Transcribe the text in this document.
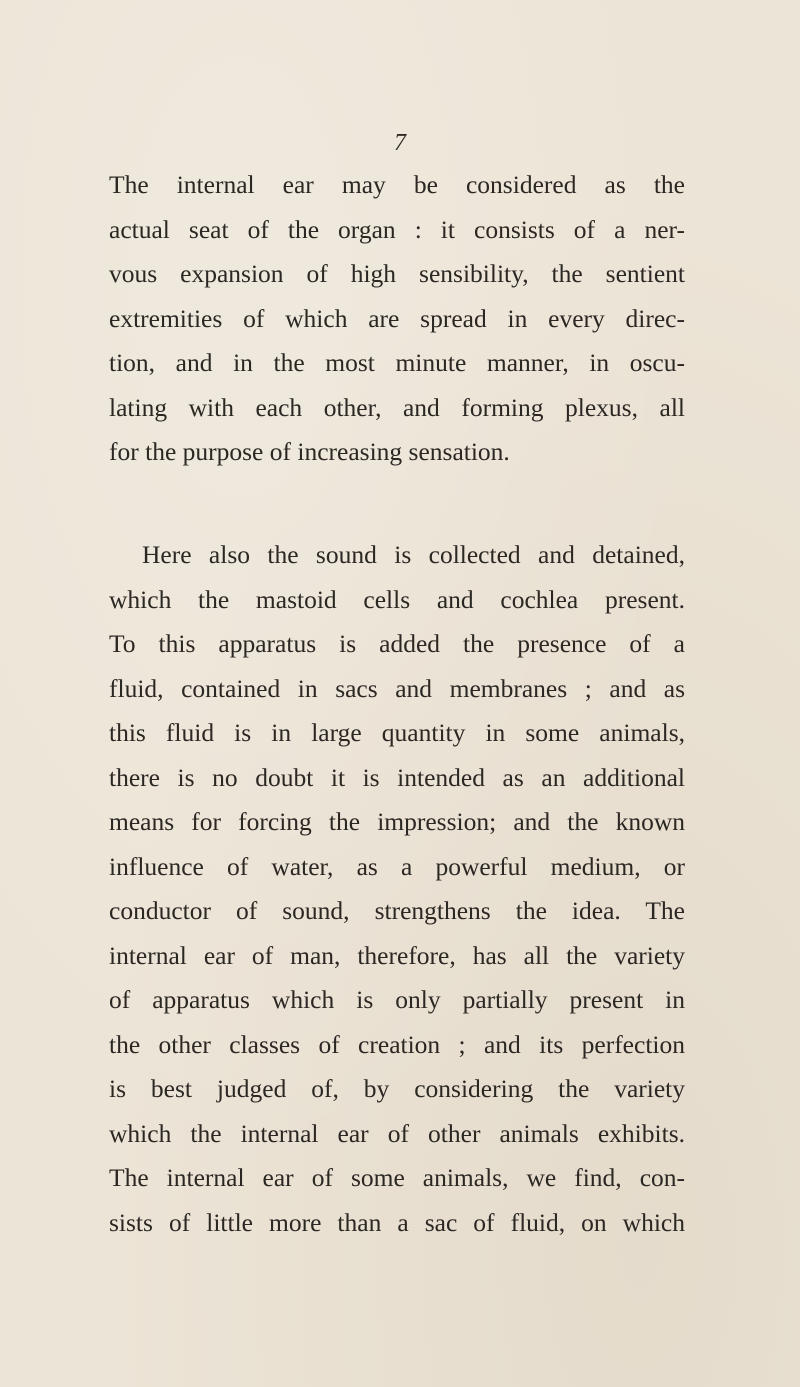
7
The internal ear may be considered as the
actual seat of the organ : it consists of a ner-
vous expansion of high sensibility, the sentient
extremities of which are spread in every direc-
tion, and in the most minute manner, in oscu-
lating with each other, and forming plexus, all
for the purpose of increasing sensation.
Here also the sound is collected and detained,
which the mastoid cells and cochlea present.
To this apparatus is added the presence of a
fluid, contained in sacs and membranes ; and as
this fluid is in large quantity in some animals,
there is no doubt it is intended as an additional
means for forcing the impression; and the known
influence of water, as a powerful medium, or
conductor of sound, strengthens the idea. The
internal ear of man, therefore, has all the variety
of apparatus which is only partially present in
the other classes of creation ; and its perfection
is best judged of, by considering the variety
which the internal ear of other animals exhibits.
The internal ear of some animals, we find, con-
sists of little more than a sac of fluid, on which
